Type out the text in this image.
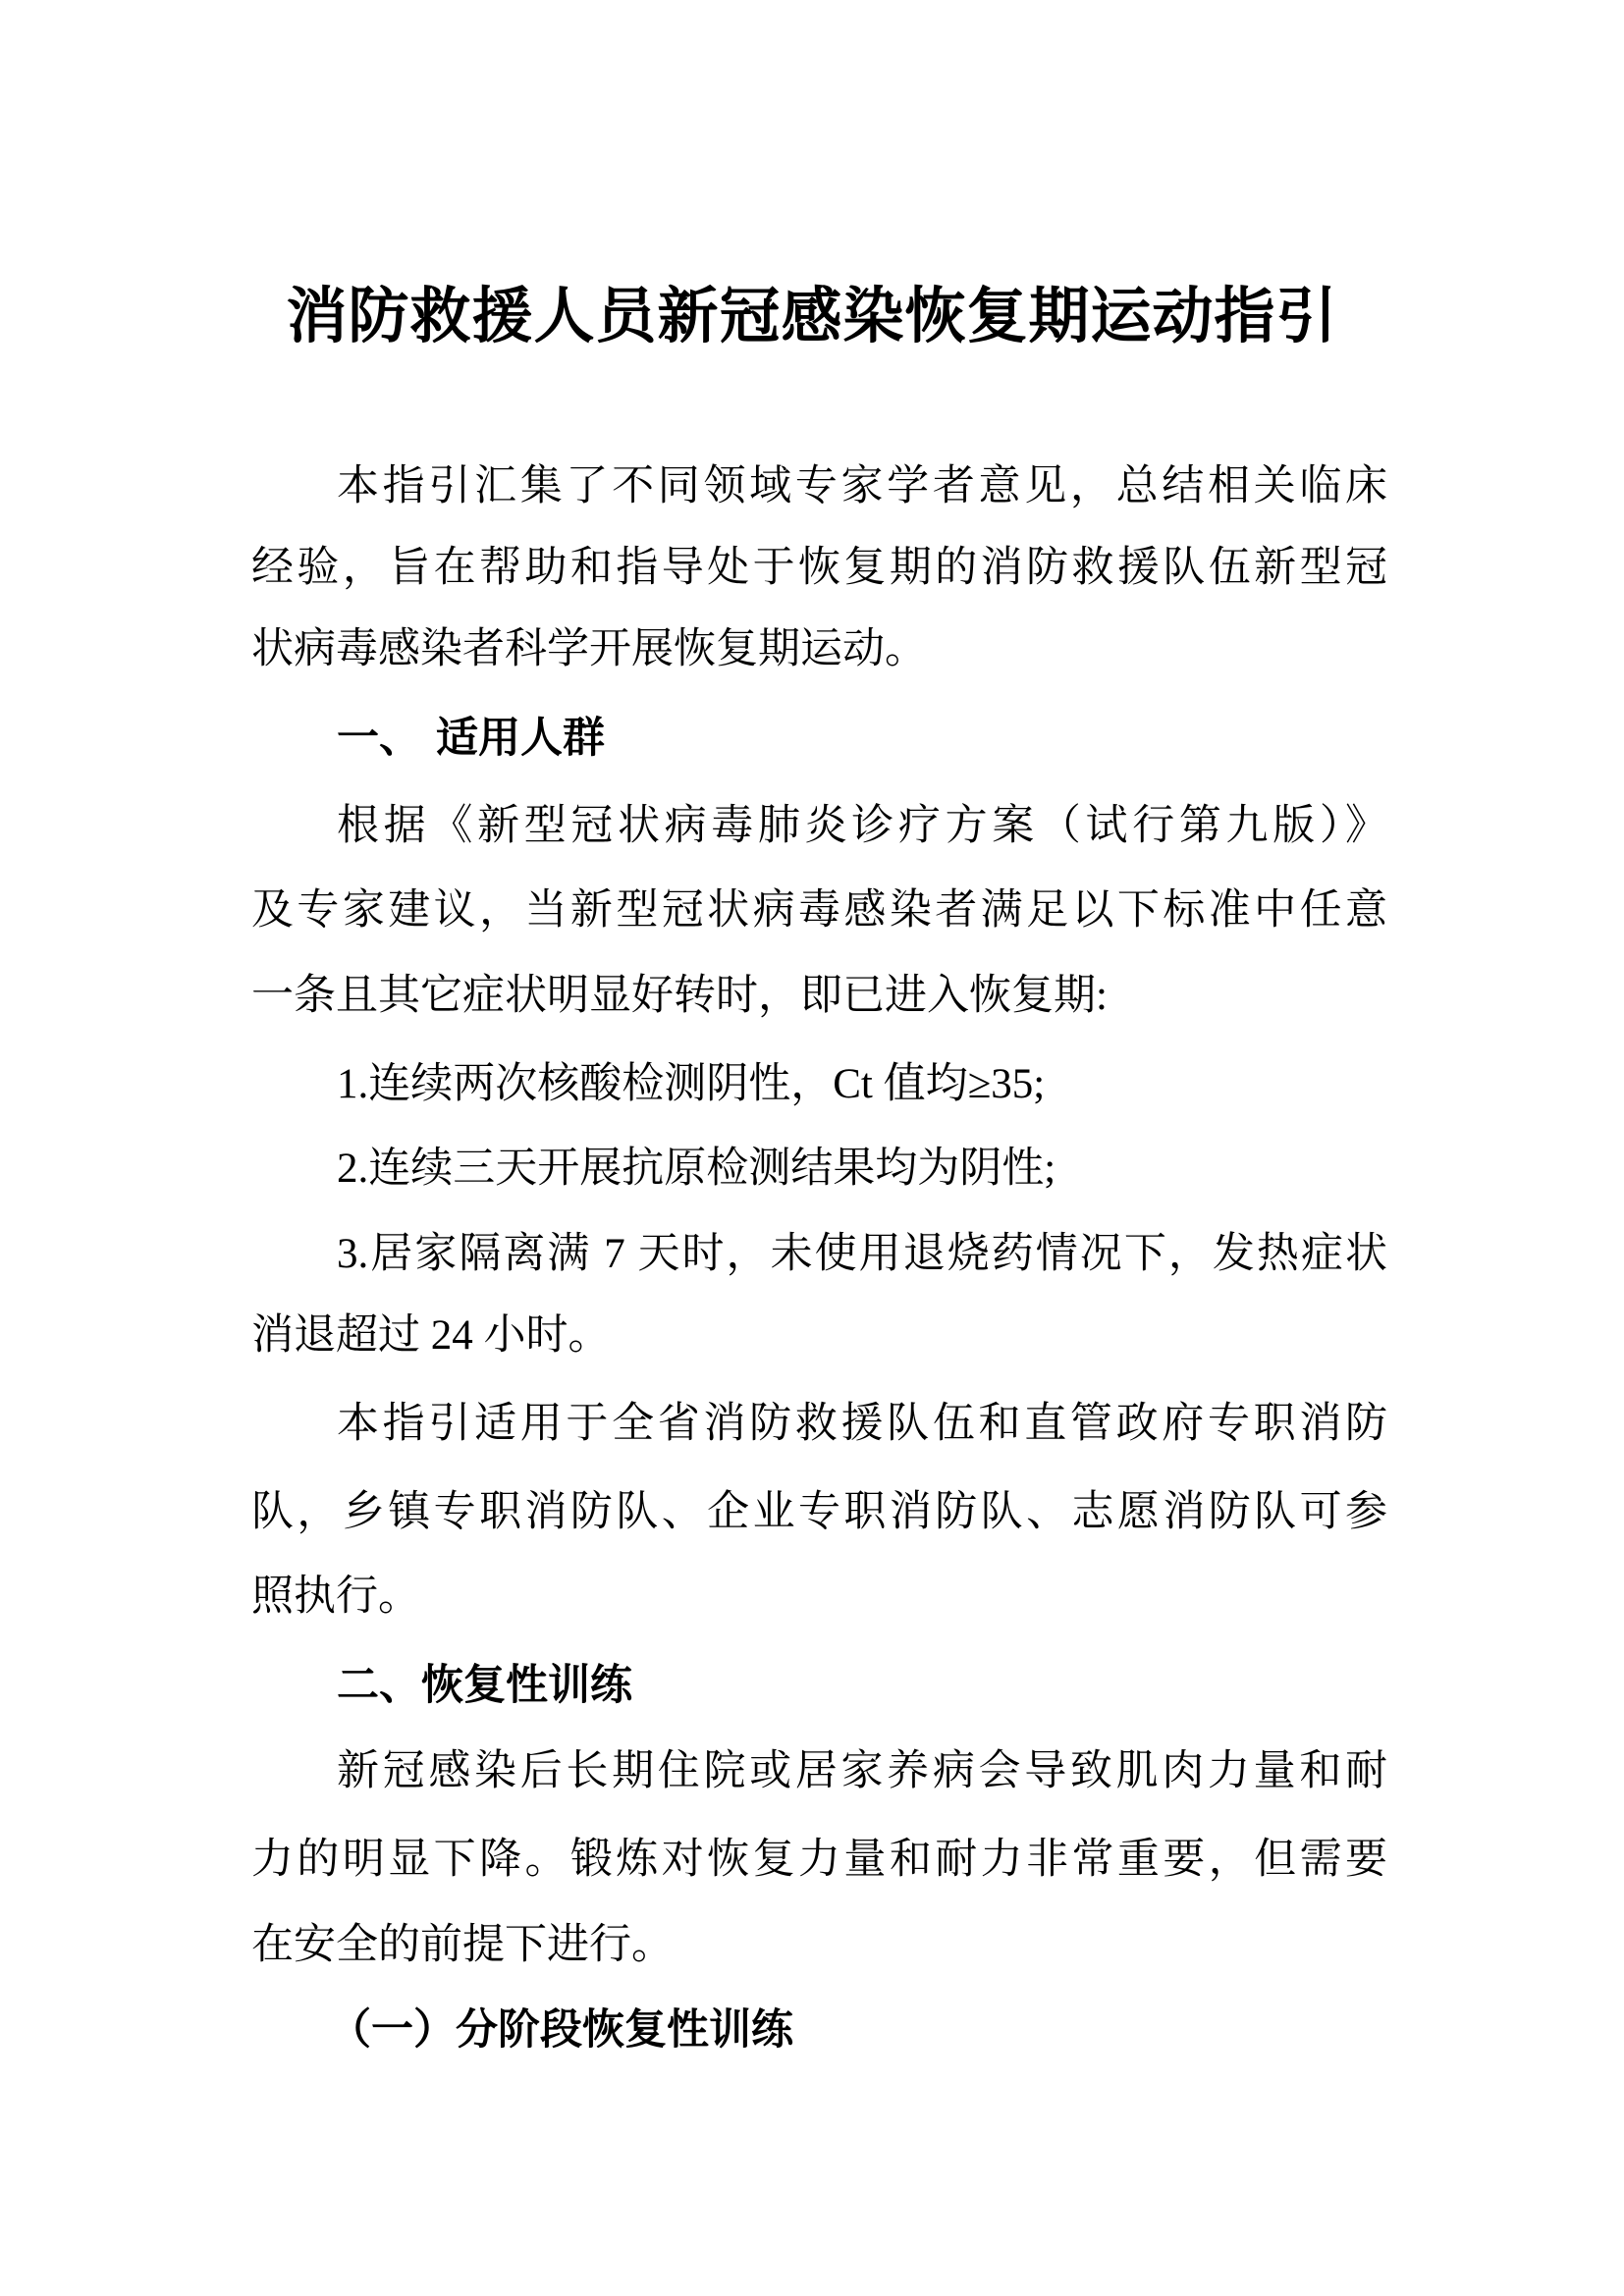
消防救援人员新冠感染恢复期运动指引
本指引汇集了不同领域专家学者意见，总结相关临床
经验，旨在帮助和指导处于恢复期的消防救援队伍新型冠
状病毒感染者科学开展恢复期运动。
一、 适用人群
根据《新型冠状病毒肺炎诊疗方案（试行第九版）》
及专家建议，当新型冠状病毒感染者满足以下标准中任意
一条且其它症状明显好转时，即已进入恢复期:
1.连续两次核酸检测阴性，Ct 值均≥35;
2.连续三天开展抗原检测结果均为阴性;
3.居家隔离满 7 天时，未使用退烧药情况下，发热症状
消退超过 24 小时。
本指引适用于全省消防救援队伍和直管政府专职消防
队，乡镇专职消防队、企业专职消防队、志愿消防队可参
照执行。
二、恢复性训练
新冠感染后长期住院或居家养病会导致肌肉力量和耐
力的明显下降。锻炼对恢复力量和耐力非常重要，但需要
在安全的前提下进行。
（一）分阶段恢复性训练
